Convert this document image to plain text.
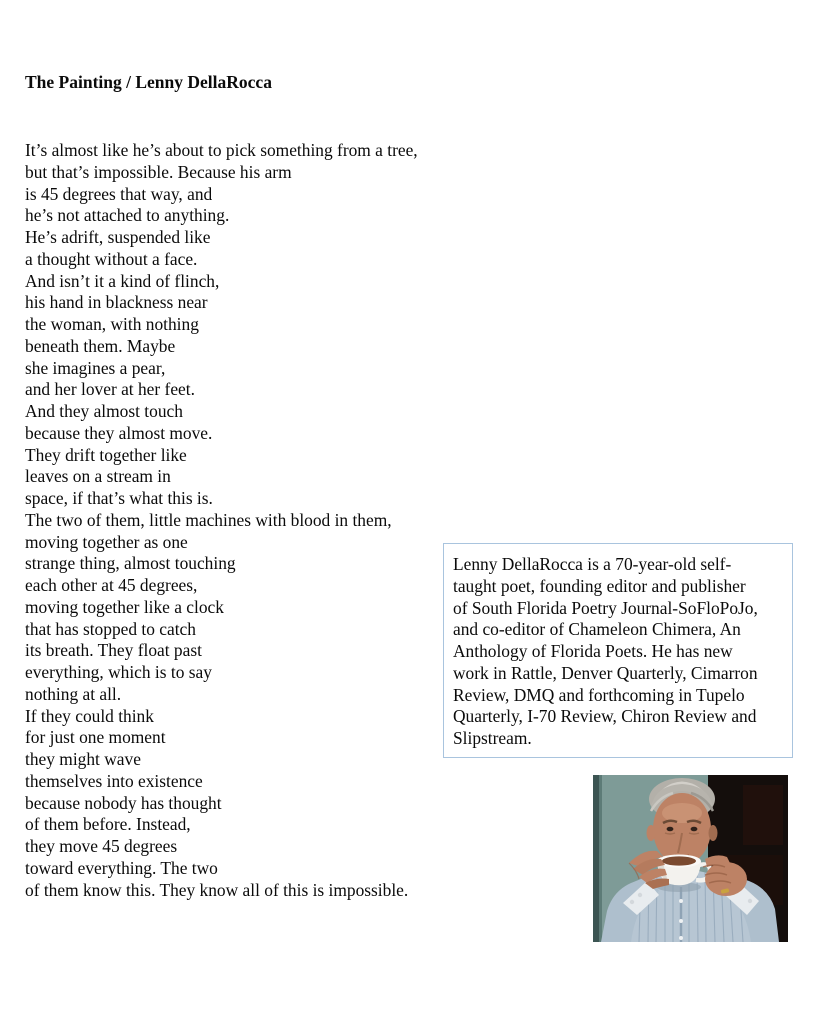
The Painting / Lenny DellaRocca
It’s almost like he’s about to pick something from a tree,
but that’s impossible. Because his arm
is 45 degrees that way, and
he’s not attached to anything.
He’s adrift, suspended like
a thought without a face.
And isn’t it a kind of flinch,
his hand in blackness near
the woman, with nothing
beneath them. Maybe
she imagines a pear,
and her lover at her feet.
And they almost touch
because they almost move.
They drift together like
leaves on a stream in
space, if that’s what this is.
The two of them, little machines with blood in them,
moving together as one
strange thing, almost touching
each other at 45 degrees,
moving together like a clock
that has stopped to catch
its breath. They float past
everything, which is to say
nothing at all.
If they could think
for just one moment
they might wave
themselves into existence
because nobody has thought
of them before. Instead,
they move 45 degrees
toward everything. The two
of them know this. They know all of this is impossible.
Lenny DellaRocca is a 70-year-old self-
taught poet, founding editor and publisher
of South Florida Poetry Journal-SoFloPoJo,
and co-editor of Chameleon Chimera, An
Anthology of Florida Poets. He has new
work in Rattle, Denver Quarterly, Cimarron
Review, DMQ and forthcoming in Tupelo
Quarterly, I-70 Review, Chiron Review and
Slipstream.
